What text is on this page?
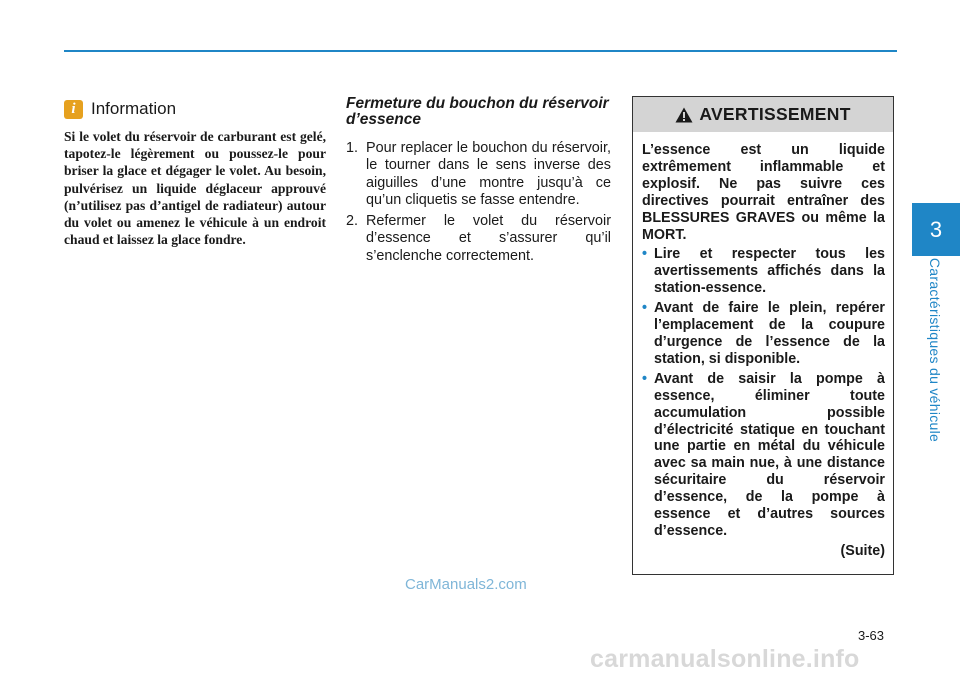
3
Caractéristiques du véhicule
i Information

Si le volet du réservoir de carburant est gelé, tapotez-le légèrement ou poussez-le pour briser la glace et dégager le volet. Au besoin, pulvérisez un liquide déglaceur approuvé (n’utilisez pas d’antigel de radiateur) autour du volet ou amenez le véhicule à un endroit chaud et laissez la glace fondre.

Fermeture du bouchon du réservoir d’essence
1. Pour replacer le bouchon du réservoir, le tourner dans le sens inverse des aiguilles d’une montre jusqu’à ce qu’un cliquetis se fasse entendre.
2. Refermer le volet du réservoir d’essence et s’assurer qu’il s’enclenche correctement.
AVERTISSEMENT

L’essence est un liquide extrêmement inflammable et explosif. Ne pas suivre ces directives pourrait entraîner des BLESSURES GRAVES ou même la MORT.

• Lire et respecter tous les avertissements affichés dans la station-essence.
• Avant de faire le plein, repérer l’emplacement de la coupure d’urgence de l’essence de la station, si disponible.
• Avant de saisir la pompe à essence, éliminer toute accumulation possible d’électricité statique en touchant une partie en métal du véhicule avec sa main nue, à une distance sécuritaire du réservoir d’essence, de la pompe à essence et d’autres sources d’essence.

(Suite)

3-63
CarManuals2.com
carmanualsonline.info
